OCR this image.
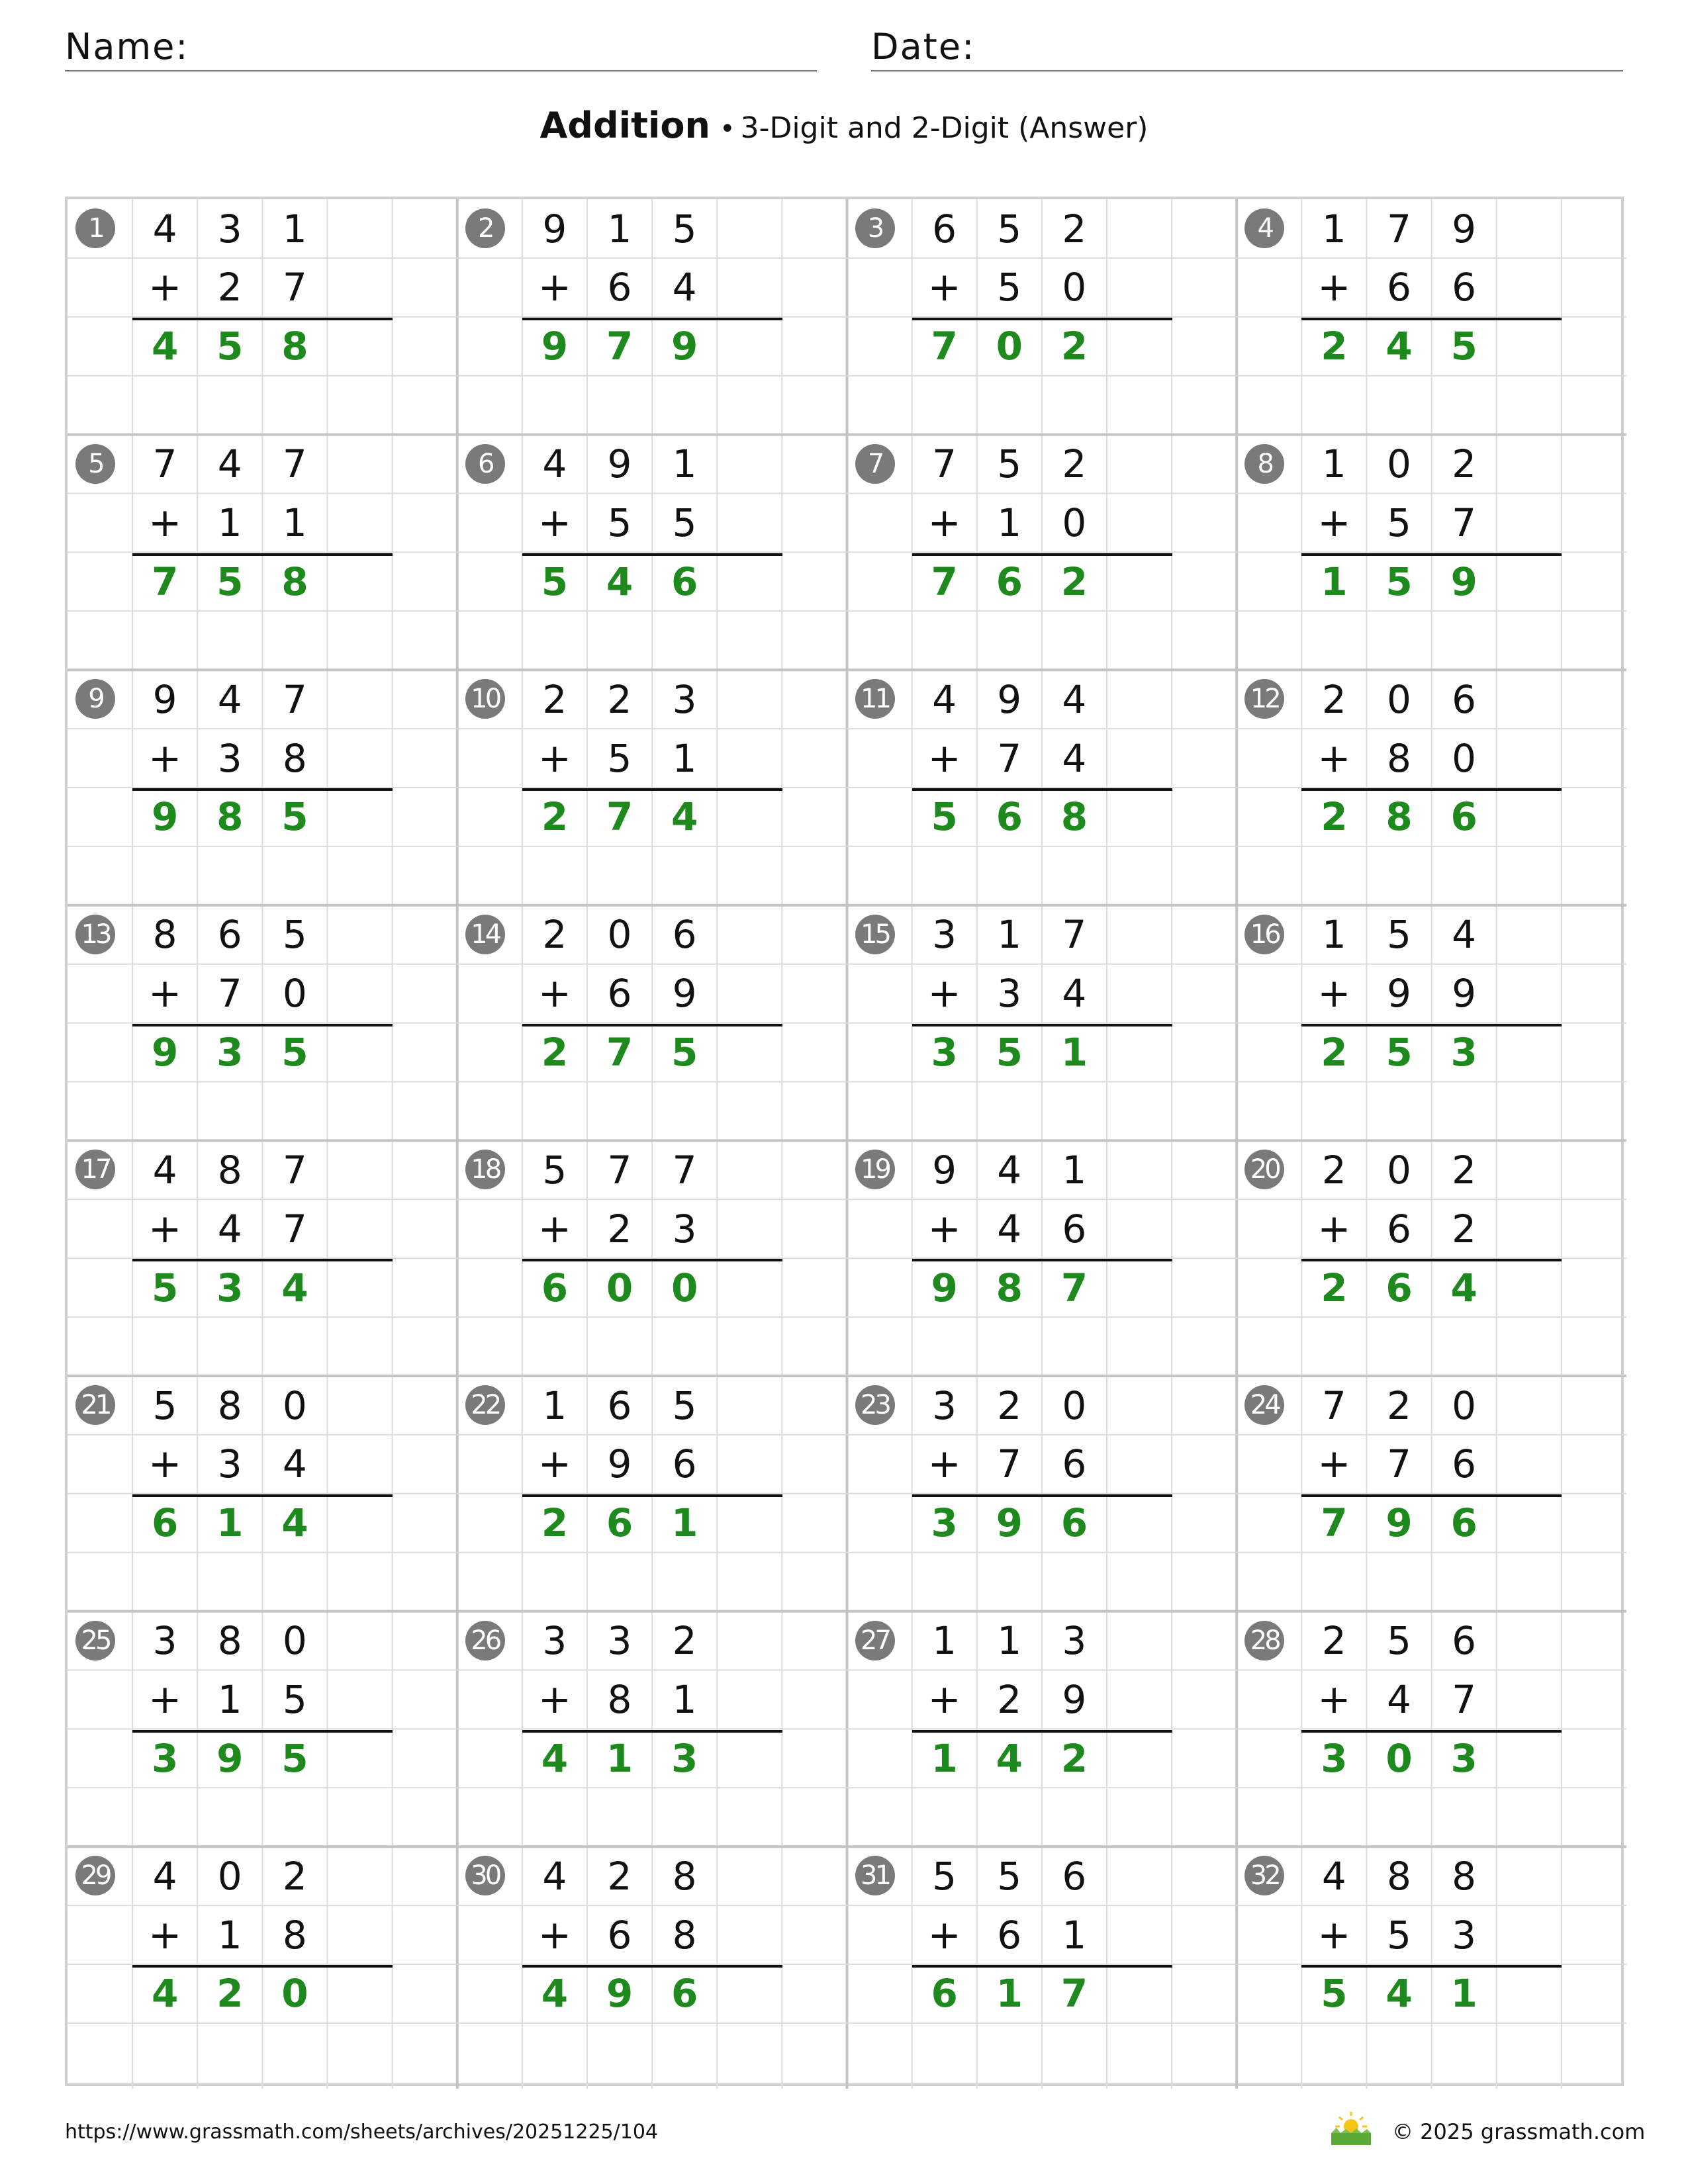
Name:	Date:
Addition • 3-Digit and 2-Digit (Answer)
1	4	3	1
+ 2	7
4 5 8
2	9	1	5
+ 6	4
9 7 9
3	6	5	2
+ 5	0
7 0 2
4	1	7	9
+ 6	6
2 4 5
5	7	4	7
+ 1	1
7 5 8
6	4	9	1
+ 5	5
5 4 6
7	7	5	2
+ 1	0
7 6 2
8	1	0	2
+ 5	7
1 5 9
9	9	4	7
+ 3	8
9 8 5
10	2	2	3
+ 5	1
2 7 4
11	4	9	4
+ 7	4
5 6 8
12	2	0	6
+ 8	0
2 8 6
13	8	6	5
+ 7	0
9 3 5
14	2	0	6
+ 6	9
2 7 5
15	3	1	7
+ 3	4
3 5 1
16	1	5	4
+ 9	9
2 5 3
17	4	8	7
+ 4	7
5 3 4
18	5	7	7
+ 2	3
6 0 0
19	9	4	1
+ 4	6
9 8 7
20	2	0	2
+ 6	2
2 6 4
21	5	8	0
+ 3	4
6 1 4
22	1	6	5
+ 9	6
2 6 1
23	3	2	0
+ 7	6
3 9 6
24	7	2	0
+ 7	6
7 9 6
25	3	8	0
+ 1	5
3 9 5
26	3	3	2
+ 8	1
4 1 3
27	1	1	3
+ 2	9
1 4 2
28	2	5	6
+ 4	7
3 0 3
29	4	0	2
+ 1	8
4 2 0
30	4	2	8
+ 6	8
4 9 6
31	5	5	6
+ 6	1
6 1 7
32	4	8	8
+ 5	3
5 4 1
https://www.grassmath.com/sheets/archives/20251225/104	© 2025 grassmath.com
